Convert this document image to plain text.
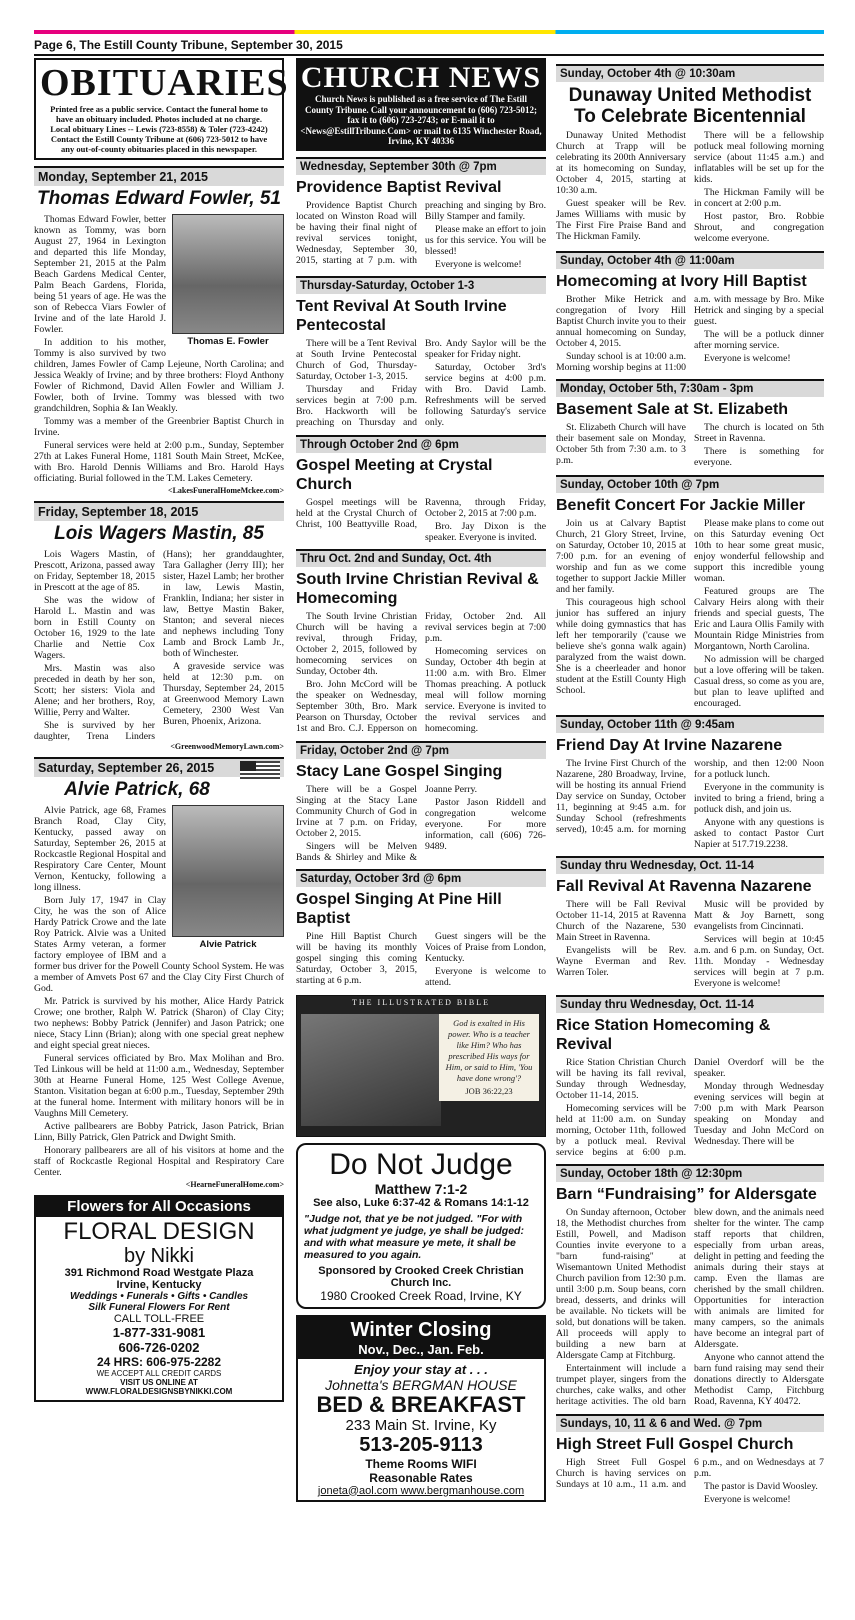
Page 6, The Estill County Tribune, September 30, 2015
OBITUARIES
Printed free as a public service. Contact the funeral home to
have an obituary included. Photos included at no charge.
Local obituary Lines -- Lewis (723-8558) & Toler (723-4242)
Contact the Estill County Tribune at (606) 723-5012 to have
any out-of-county obituaries placed in this newspaper.
Monday, September 21, 2015
Thomas Edward Fowler, 51
Thomas E. Fowler

Thomas Edward Fowler, better known as Tommy, was born August 27, 1964 in Lexington and departed this life Monday, September 21, 2015 at the Palm Beach Gardens Medical Center, Palm Beach Gardens, Florida, being 51 years of age. He was the son of Rebecca Viars Fowler of Irvine and of the late Harold J. Fowler.

In addition to his mother, Tommy is also survived by two children, James Fowler of Camp Lejeune, North Carolina; and Jessica Weakly of Irvine; and by three brothers: Floyd Anthony Fowler of Richmond, David Allen Fowler and William J. Fowler, both of Irvine. Tommy was blessed with two grandchildren, Sophia & Ian Weakly.

Tommy was a member of the Greenbrier Baptist Church in Irvine.

Funeral services were held at 2:00 p.m., Sunday, September 27th at Lakes Funeral Home, 1181 South Main Street, McKee, with Bro. Harold Dennis Williams and Bro. Harold Hays officiating. Burial followed in the T.M. Lakes Cemetery.

<LakesFuneralHomeMckee.com>
Friday, September 18, 2015
Lois Wagers Mastin, 85

Lois Wagers Mastin, of Prescott, Arizona, passed away on Friday, September 18, 2015 in Prescott at the age of 85.

She was the widow of Harold L. Mastin and was born in Estill County on October 16, 1929 to the late Charlie and Nettie Cox Wagers.

Mrs. Mastin was also preceded in death by her son, Scott; her sisters: Viola and Alene; and her brothers, Roy, Willie, Perry and Walter.

She is survived by her daughter, Trena Linders (Hans); her granddaughter, Tara Gallagher (Jerry III); her sister, Hazel Lamb; her brother in law, Lewis Mastin, Franklin, Indiana; her sister in law, Bettye Mastin Baker, Stanton; and several nieces and nephews including Tony Lamb and Brock Lamb Jr., both of Winchester.

A graveside service was held at 12:30 p.m. on Thursday, September 24, 2015 at Greenwood Memory Lawn Cemetery, 2300 West Van Buren, Phoenix, Arizona.

<GreenwoodMemoryLawn.com>
Saturday, September 26, 2015
Alvie Patrick, 68
Alvie Patrick

Alvie Patrick, age 68, Frames Branch Road, Clay City, Kentucky, passed away on Saturday, September 26, 2015 at Rockcastle Regional Hospital and Respiratory Care Center, Mount Vernon, Kentucky, following a long illness.

Born July 17, 1947 in Clay City, he was the son of Alice Hardy Patrick Crowe and the late Roy Patrick. Alvie was a United States Army veteran, a former factory employee of IBM and a former bus driver for the Powell County School System. He was a member of Amvets Post 67 and the Clay City First Church of God.

Mr. Patrick is survived by his mother, Alice Hardy Patrick Crowe; one brother, Ralph W. Patrick (Sharon) of Clay City; two nephews: Bobby Patrick (Jennifer) and Jason Patrick; one niece, Stacy Linn (Brian); along with one special great nephew and eight special great nieces.

Funeral services officiated by Bro. Max Molihan and Bro. Ted Linkous will be held at 11:00 a.m., Wednesday, September 30th at Hearne Funeral Home, 125 West College Avenue, Stanton. Visitation began at 6:00 p.m., Tuesday, September 29th at the funeral home. Interment with military honors will be in Vaughns Mill Cemetery.

Active pallbearers are Bobby Patrick, Jason Patrick, Brian Linn, Billy Patrick, Glen Patrick and Dwight Smith.

Honorary pallbearers are all of his visitors at home and the staff of Rockcastle Regional Hospital and Respiratory Care Center.

<HearneFuneralHome.com>
Flowers for All Occasions
FLORAL DESIGN
by Nikki
391 Richmond Road Westgate Plaza
Irvine, Kentucky
Weddings • Funerals • Gifts • Candles
Silk Funeral Flowers For Rent
CALL TOLL-FREE
1-877-331-9081
606-726-0202
24 HRS: 606-975-2282
WE ACCEPT ALL CREDIT CARDS
VISIT US ONLINE AT
WWW.FLORALDESIGNSBYNIKKI.COM
CHURCH NEWS
Church News is published as a free service of The Estill County Tribune. Call your announcement to (606) 723-5012; fax it to (606) 723-2743; or E-mail it to <News@EstillTribune.Com> or mail to 6135 Winchester Road, Irvine, KY 40336
Wednesday, September 30th @ 7pm
Providence Baptist Revival

Providence Baptist Church located on Winston Road will be having their final night of revival services tonight, Wednesday, September 30, 2015, starting at 7 p.m. with preaching and singing by Bro. Billy Stamper and family.

Please make an effort to join us for this service. You will be blessed!

Everyone is welcome!

Thursday-Saturday, October 1-3
Tent Revival At South Irvine Pentecostal

There will be a Tent Revival at South Irvine Pentecostal Church of God, Thursday-Saturday, October 1-3, 2015.

Thursday and Friday services begin at 7:00 p.m. Bro. Hackworth will be preaching on Thursday and Bro. Andy Saylor will be the speaker for Friday night.

Saturday, October 3rd's service begins at 4:00 p.m. with Bro. David Lamb. Refreshments will be served following Saturday's service only.

Through October 2nd @ 6pm
Gospel Meeting at Crystal Church

Gospel meetings will be held at the Crystal Church of Christ, 100 Beattyville Road, Ravenna, through Friday, October 2, 2015 at 7:00 p.m.

Bro. Jay Dixon is the speaker. Everyone is invited.

Thru Oct. 2nd and Sunday, Oct. 4th
South Irvine Christian Revival & Homecoming

The South Irvine Christian Church will be having a revival, through Friday, October 2, 2015, followed by homecoming services on Sunday, October 4th.

Bro. John McCord will be the speaker on Wednesday, September 30th, Bro. Mark Pearson on Thursday, October 1st and Bro. C.J. Epperson on Friday, October 2nd. All revival services begin at 7:00 p.m.

Homecoming services on Sunday, October 4th begin at 11:00 a.m. with Bro. Elmer Thomas preaching. A potluck meal will follow morning service. Everyone is invited to the revival services and homecoming.

Friday, October 2nd @ 7pm
Stacy Lane Gospel Singing

There will be a Gospel Singing at the Stacy Lane Community Church of God in Irvine at 7 p.m. on Friday, October 2, 2015.

Singers will be Melven Bands & Shirley and Mike & Joanne Perry.

Pastor Jason Riddell and congregation welcome everyone. For more information, call (606) 726-9489.

Saturday, October 3rd @ 6pm
Gospel Singing At Pine Hill Baptist

Pine Hill Baptist Church will be having its monthly gospel singing this coming Saturday, October 3, 2015, starting at 6 p.m.

Guest singers will be the Voices of Praise from London, Kentucky.

Everyone is welcome to attend.

THE ILLUSTRATED BIBLE
God is exalted in His power. Who is a teacher like Him? Who has prescribed His ways for Him, or said to Him, 'You have done wrong'?
JOB 36:22,23
Do Not Judge
Matthew 7:1-2
See also, Luke 6:37-42 & Romans 14:1-12
"Judge not, that ye be not judged. "For with what judgment ye judge, ye shall be judged: and with what measure ye mete, it shall be measured to you again.
Sponsored by Crooked Creek Christian Church Inc.
1980 Crooked Creek Road, Irvine, KY
Winter Closing
Nov., Dec., Jan. Feb.
Enjoy your stay at . . .
Johnetta's BERGMAN HOUSE
BED & BREAKFAST
233 Main St. Irvine, Ky
513-205-9113
Theme Rooms WIFI
Reasonable Rates
joneta@aol.com www.bergmanhouse.com
Sunday, October 4th @ 10:30am
Dunaway United Methodist To Celebrate Bicentennial

Dunaway United Methodist Church at Trapp will be celebrating its 200th Anniversary at its homecoming on Sunday, October 4, 2015, starting at 10:30 a.m.

Guest speaker will be Rev. James Williams with music by The First Fire Praise Band and The Hickman Family.

There will be a fellowship potluck meal following morning service (about 11:45 a.m.) and inflatables will be set up for the kids.

The Hickman Family will be in concert at 2:00 p.m.

Host pastor, Bro. Robbie Shrout, and congregation welcome everyone.

Sunday, October 4th @ 11:00am
Homecoming at Ivory Hill Baptist

Brother Mike Hetrick and congregation of Ivory Hill Baptist Church invite you to their annual homecoming on Sunday, October 4, 2015.

Sunday school is at 10:00 a.m. Morning worship begins at 11:00 a.m. with message by Bro. Mike Hetrick and singing by a special guest.

The will be a potluck dinner after morning service.

Everyone is welcome!

Monday, October 5th, 7:30am - 3pm
Basement Sale at St. Elizabeth

St. Elizabeth Church will have their basement sale on Monday, October 5th from 7:30 a.m. to 3 p.m.

The church is located on 5th Street in Ravenna.

There is something for everyone.

Sunday, October 10th @ 7pm
Benefit Concert For Jackie Miller

Join us at Calvary Baptist Church, 21 Glory Street, Irvine, on Saturday, October 10, 2015 at 7:00 p.m. for an evening of worship and fun as we come together to support Jackie Miller and her family.

This courageous high school junior has suffered an injury while doing gymnastics that has left her temporarily ('cause we believe she's gonna walk again) paralyzed from the waist down. She is a cheerleader and honor student at the Estill County High School.

Please make plans to come out on this Saturday evening Oct 10th to hear some great music, enjoy wonderful fellowship and support this incredible young woman.

Featured groups are The Calvary Heirs along with their friends and special guests, The Eric and Laura Ollis Family with Mountain Ridge Ministries from Morgantown, North Carolina.

No admission will be charged but a love offering will be taken. Casual dress, so come as you are, but plan to leave uplifted and encouraged.

Sunday, October 11th @ 9:45am
Friend Day At Irvine Nazarene

The Irvine First Church of the Nazarene, 280 Broadway, Irvine, will be hosting its annual Friend Day service on Sunday, October 11, beginning at 9:45 a.m. for Sunday School (refreshments served), 10:45 a.m. for morning worship, and then 12:00 Noon for a potluck lunch.

Everyone in the community is invited to bring a friend, bring a potluck dish, and join us.

Anyone with any questions is asked to contact Pastor Curt Napier at 517.719.2238.

Sunday thru Wednesday, Oct. 11-14
Fall Revival At Ravenna Nazarene

There will be Fall Revival October 11-14, 2015 at Ravenna Church of the Nazarene, 530 Main Street in Ravenna.

Evangelists will be Rev. Wayne Everman and Rev. Warren Toler.

Music will be provided by Matt & Joy Barnett, song evangelists from Cincinnati.

Services will begin at 10:45 a.m. and 6 p.m. on Sunday, Oct. 11th. Monday - Wednesday services will begin at 7 p.m. Everyone is welcome!

Sunday thru Wednesday, Oct. 11-14
Rice Station Homecoming & Revival

Rice Station Christian Church will be having its fall revival, Sunday through Wednesday, October 11-14, 2015.

Homecoming services will be held at 11:00 a.m. on Sunday morning, October 11th, followed by a potluck meal. Revival service begins at 6:00 p.m. Daniel Overdorf will be the speaker.

Monday through Wednesday evening services will begin at 7:00 p.m with Mark Pearson speaking on Monday and Tuesday and John McCord on Wednesday. There will be

Sunday, October 18th @ 12:30pm
Barn “Fundraising” for Aldersgate

On Sunday afternoon, October 18, the Methodist churches from Estill, Powell, and Madison Counties invite everyone to a "barn fund-raising" at Wisemantown United Methodist Church pavilion from 12:30 p.m. until 3:00 p.m. Soup beans, corn bread, desserts, and drinks will be available. No tickets will be sold, but donations will be taken. All proceeds will apply to building a new barn at Aldersgate Camp at Fitchburg.

Entertainment will include a trumpet player, singers from the churches, cake walks, and other heritage activities. The old barn blew down, and the animals need shelter for the winter. The camp staff reports that children, especially from urban areas, delight in petting and feeding the animals during their stays at camp. Even the llamas are cherished by the small children. Opportunities for interaction with animals are limited for many campers, so the animals have become an integral part of Aldersgate.

Anyone who cannot attend the barn fund raising may send their donations directly to Aldersgate Methodist Camp, Fitchburg Road, Ravenna, KY 40472.

Sundays, 10, 11 & 6 and Wed. @ 7pm
High Street Full Gospel Church

High Street Full Gospel Church is having services on Sundays at 10 a.m., 11 a.m. and 6 p.m., and on Wednesdays at 7 p.m.

The pastor is David Woosley.

Everyone is welcome!
